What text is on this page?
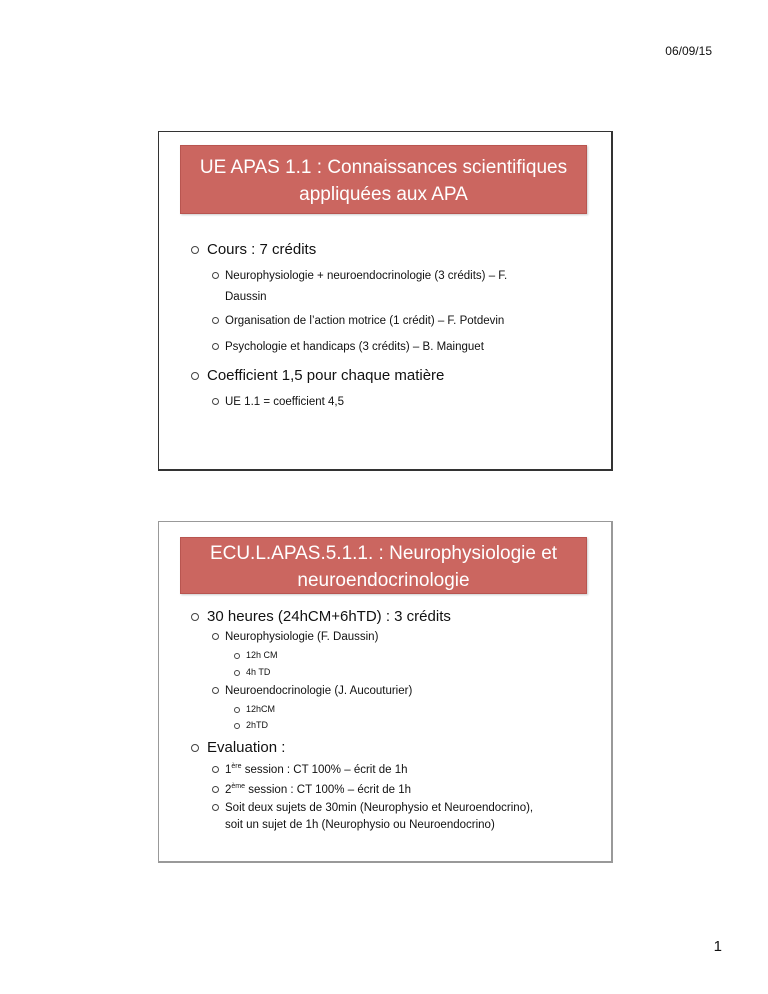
06/09/15
UE APAS 1.1 : Connaissances scientifiques
appliquées aux APA
Cours : 7 crédits
Neurophysiologie + neuroendocrinologie (3 crédits) – F.
Daussin
Organisation de l’action motrice (1 crédit) – F. Potdevin
Psychologie et handicaps (3 crédits) – B. Mainguet
Coefficient 1,5 pour chaque matière
UE 1.1 = coefficient 4,5
ECU.L.APAS.5.1.1. : Neurophysiologie et
neuroendocrinologie
30 heures (24hCM+6hTD) : 3 crédits
Neurophysiologie (F. Daussin)
12h CM
4h TD
Neuroendocrinologie (J. Aucouturier)
12hCM
2hTD
Evaluation :
1ère session : CT 100% – écrit de 1h
2ème session : CT 100% – écrit de 1h
Soit deux sujets de 30min (Neurophysio et Neuroendocrino),
soit un sujet de 1h (Neurophysio ou Neuroendocrino)
1
